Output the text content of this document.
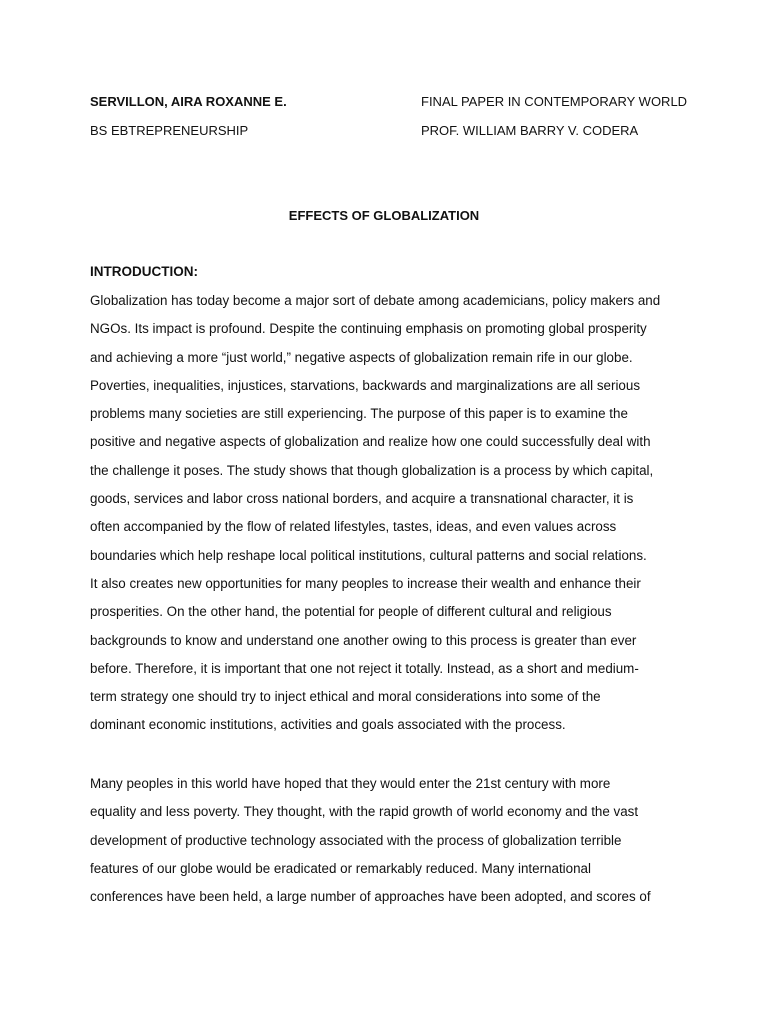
SERVILLON, AIRA ROXANNE E.	FINAL PAPER IN CONTEMPORARY WORLD
BS EBTREPRENEURSHIP	PROF. WILLIAM BARRY V. CODERA
EFFECTS OF GLOBALIZATION
INTRODUCTION:

Globalization has today become a major sort of debate among academicians, policy makers and
NGOs. Its impact is profound. Despite the continuing emphasis on promoting global prosperity
and achieving a more “just world,” negative aspects of globalization remain rife in our globe.
Poverties, inequalities, injustices, starvations, backwards and marginalizations are all serious
problems many societies are still experiencing. The purpose of this paper is to examine the
positive and negative aspects of globalization and realize how one could successfully deal with
the challenge it poses. The study shows that though globalization is a process by which capital,
goods, services and labor cross national borders, and acquire a transnational character, it is
often accompanied by the flow of related lifestyles, tastes, ideas, and even values across
boundaries which help reshape local political institutions, cultural patterns and social relations.
It also creates new opportunities for many peoples to increase their wealth and enhance their
prosperities. On the other hand, the potential for people of different cultural and religious
backgrounds to know and understand one another owing to this process is greater than ever
before. Therefore, it is important that one not reject it totally. Instead, as a short and medium-
term strategy one should try to inject ethical and moral considerations into some of the
dominant economic institutions, activities and goals associated with the process.

Many peoples in this world have hoped that they would enter the 21st century with more
equality and less poverty. They thought, with the rapid growth of world economy and the vast
development of productive technology associated with the process of globalization terrible
features of our globe would be eradicated or remarkably reduced. Many international
conferences have been held, a large number of approaches have been adopted, and scores of
